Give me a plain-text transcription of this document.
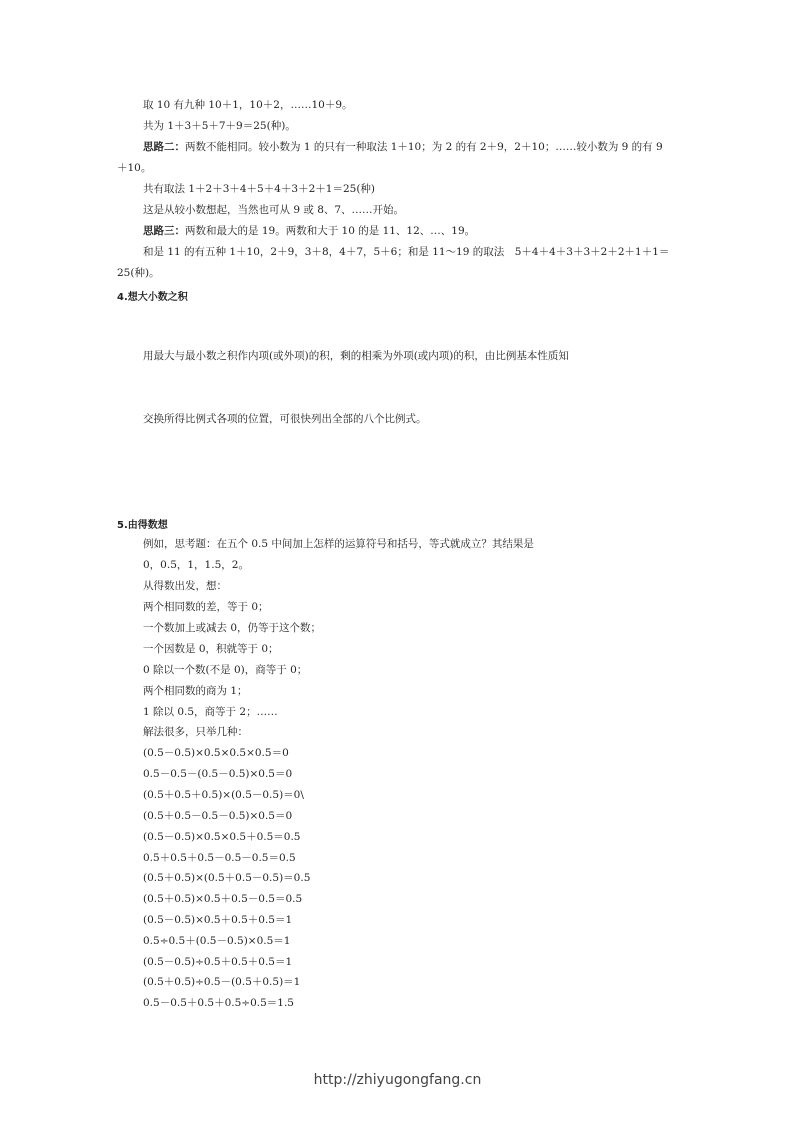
取 10 有九种 10＋1，10＋2，……10＋9。
共为 1＋3＋5＋7＋9＝25(种)。
思路二：两数不能相同。较小数为 1 的只有一种取法 1＋10；为 2 的有 2＋9，2＋10；……较小数为 9 的有 9
＋10。
共有取法 1＋2＋3＋4＋5＋4＋3＋2＋1＝25(种)
这是从较小数想起，当然也可从 9 或 8、7、……开始。
思路三：两数和最大的是 19。两数和大于 10 的是 11、12、…、19。
和是 11 的有五种 1＋10，2＋9，3＋8，4＋7，5＋6；和是 11～19 的取法　5＋4＋4＋3＋3＋2＋2＋1＋1＝
25(种)。
4.想大小数之积
用最大与最小数之积作内项(或外项)的积，剩的相乘为外项(或内项)的积，由比例基本性质知
交换所得比例式各项的位置，可很快列出全部的八个比例式。
5.由得数想
例如，思考题：在五个 0.5 中间加上怎样的运算符号和括号，等式就成立？其结果是
0，0.5，1，1.5，2。
从得数出发，想：
两个相同数的差，等于 0；
一个数加上或减去 0，仍等于这个数；
一个因数是 0，积就等于 0；
0 除以一个数(不是 0)，商等于 0；
两个相同数的商为 1；
1 除以 0.5，商等于 2；……
解法很多，只举几种：
(0.5－0.5)×0.5×0.5×0.5＝0
0.5－0.5－(0.5－0.5)×0.5＝0
(0.5＋0.5＋0.5)×(0.5－0.5)＝0\
(0.5＋0.5－0.5－0.5)×0.5＝0
(0.5－0.5)×0.5×0.5＋0.5＝0.5
0.5＋0.5＋0.5－0.5－0.5＝0.5
(0.5＋0.5)×(0.5＋0.5－0.5)＝0.5
(0.5＋0.5)×0.5＋0.5－0.5＝0.5
(0.5－0.5)×0.5＋0.5＋0.5＝1
0.5÷0.5＋(0.5－0.5)×0.5＝1
(0.5－0.5)÷0.5＋0.5＋0.5＝1
(0.5＋0.5)÷0.5－(0.5＋0.5)＝1
0.5－0.5＋0.5＋0.5÷0.5＝1.5
http://zhiyugongfang.cn
